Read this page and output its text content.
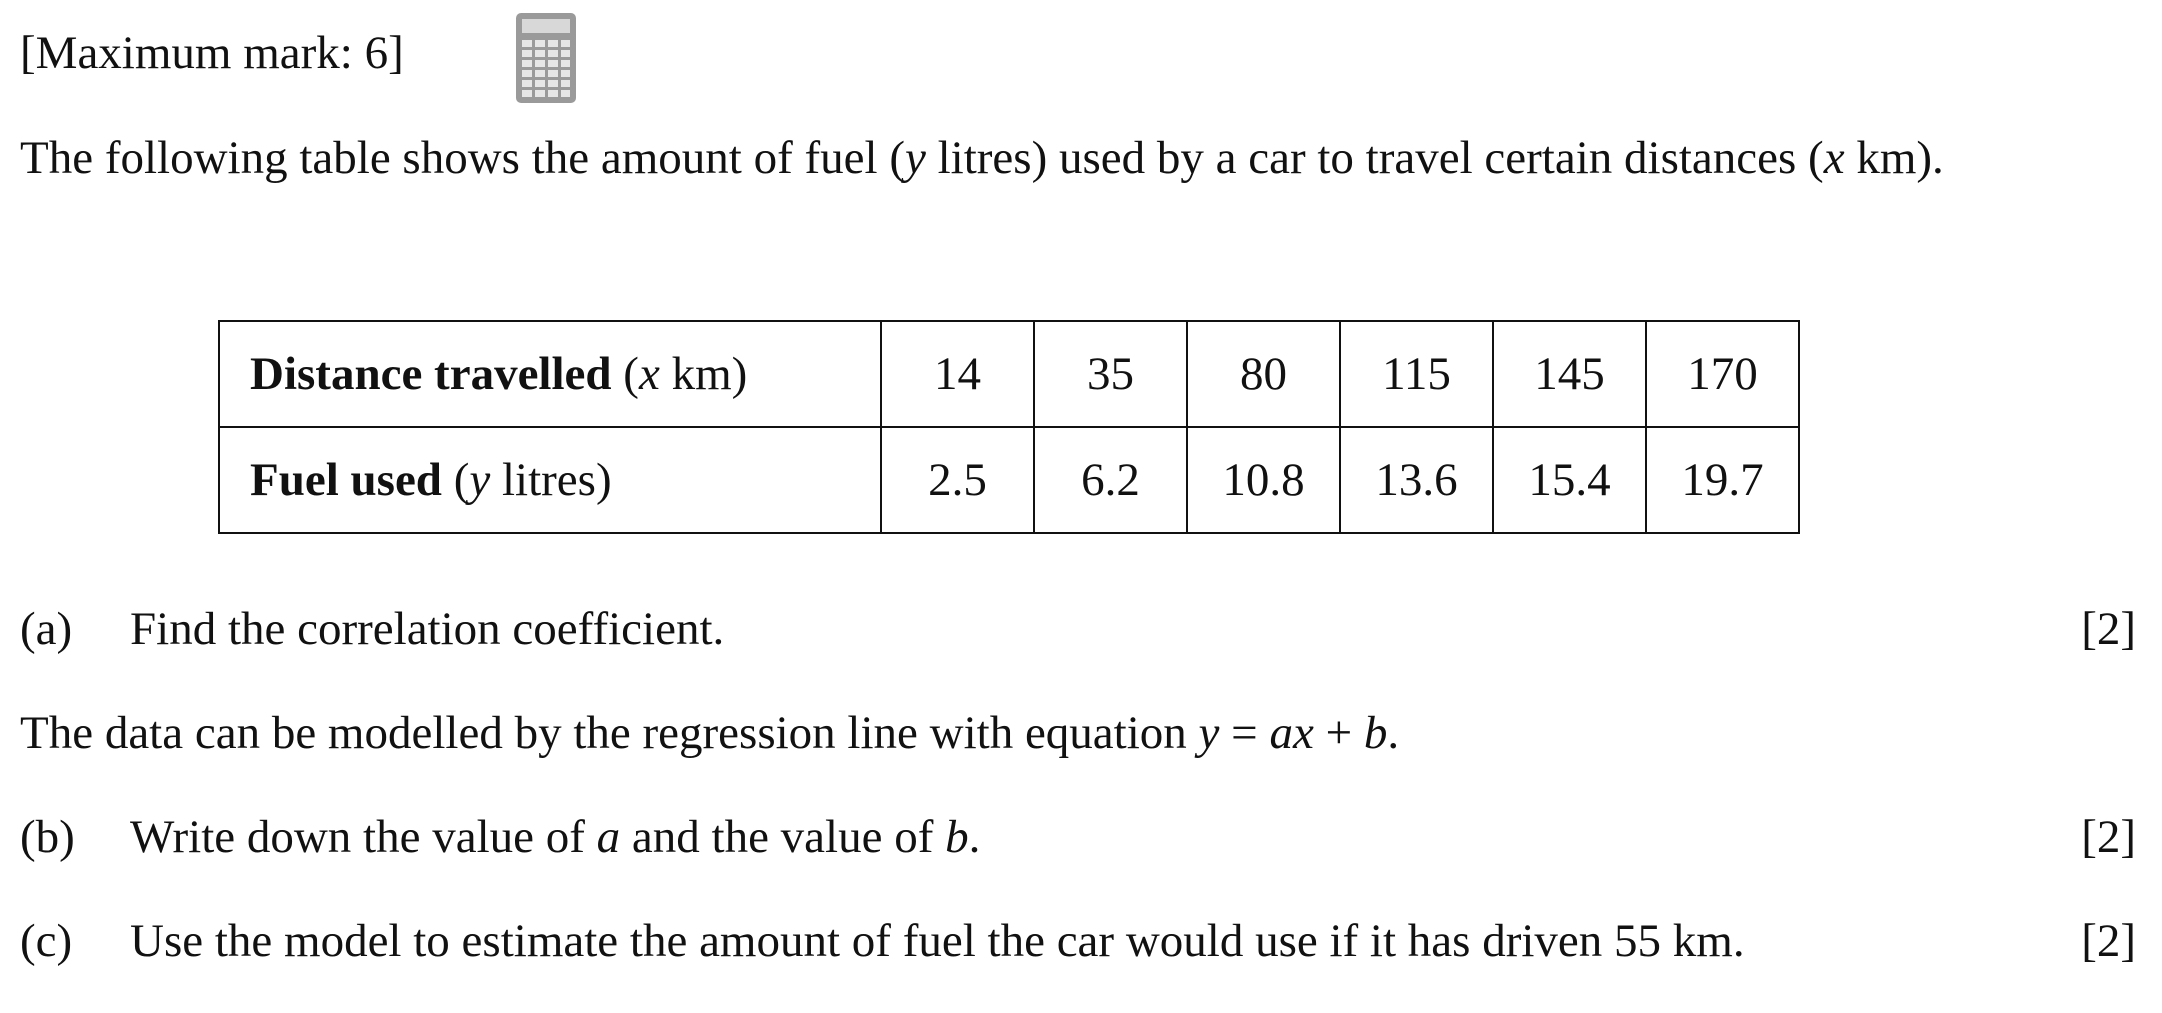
[Maximum mark: 6]
The following table shows the amount of fuel (y litres) used by a car to travel certain distances (x km).
Distance travelled (x km)	14	35	80	115	145	170
Fuel used (y litres)	2.5	6.2	10.8	13.6	15.4	19.7
(a) Find the correlation coefficient.	[2]
The data can be modelled by the regression line with equation y = ax + b.
(b) Write down the value of a and the value of b.	[2]
(c) Use the model to estimate the amount of fuel the car would use if it has driven 55 km.	[2]
